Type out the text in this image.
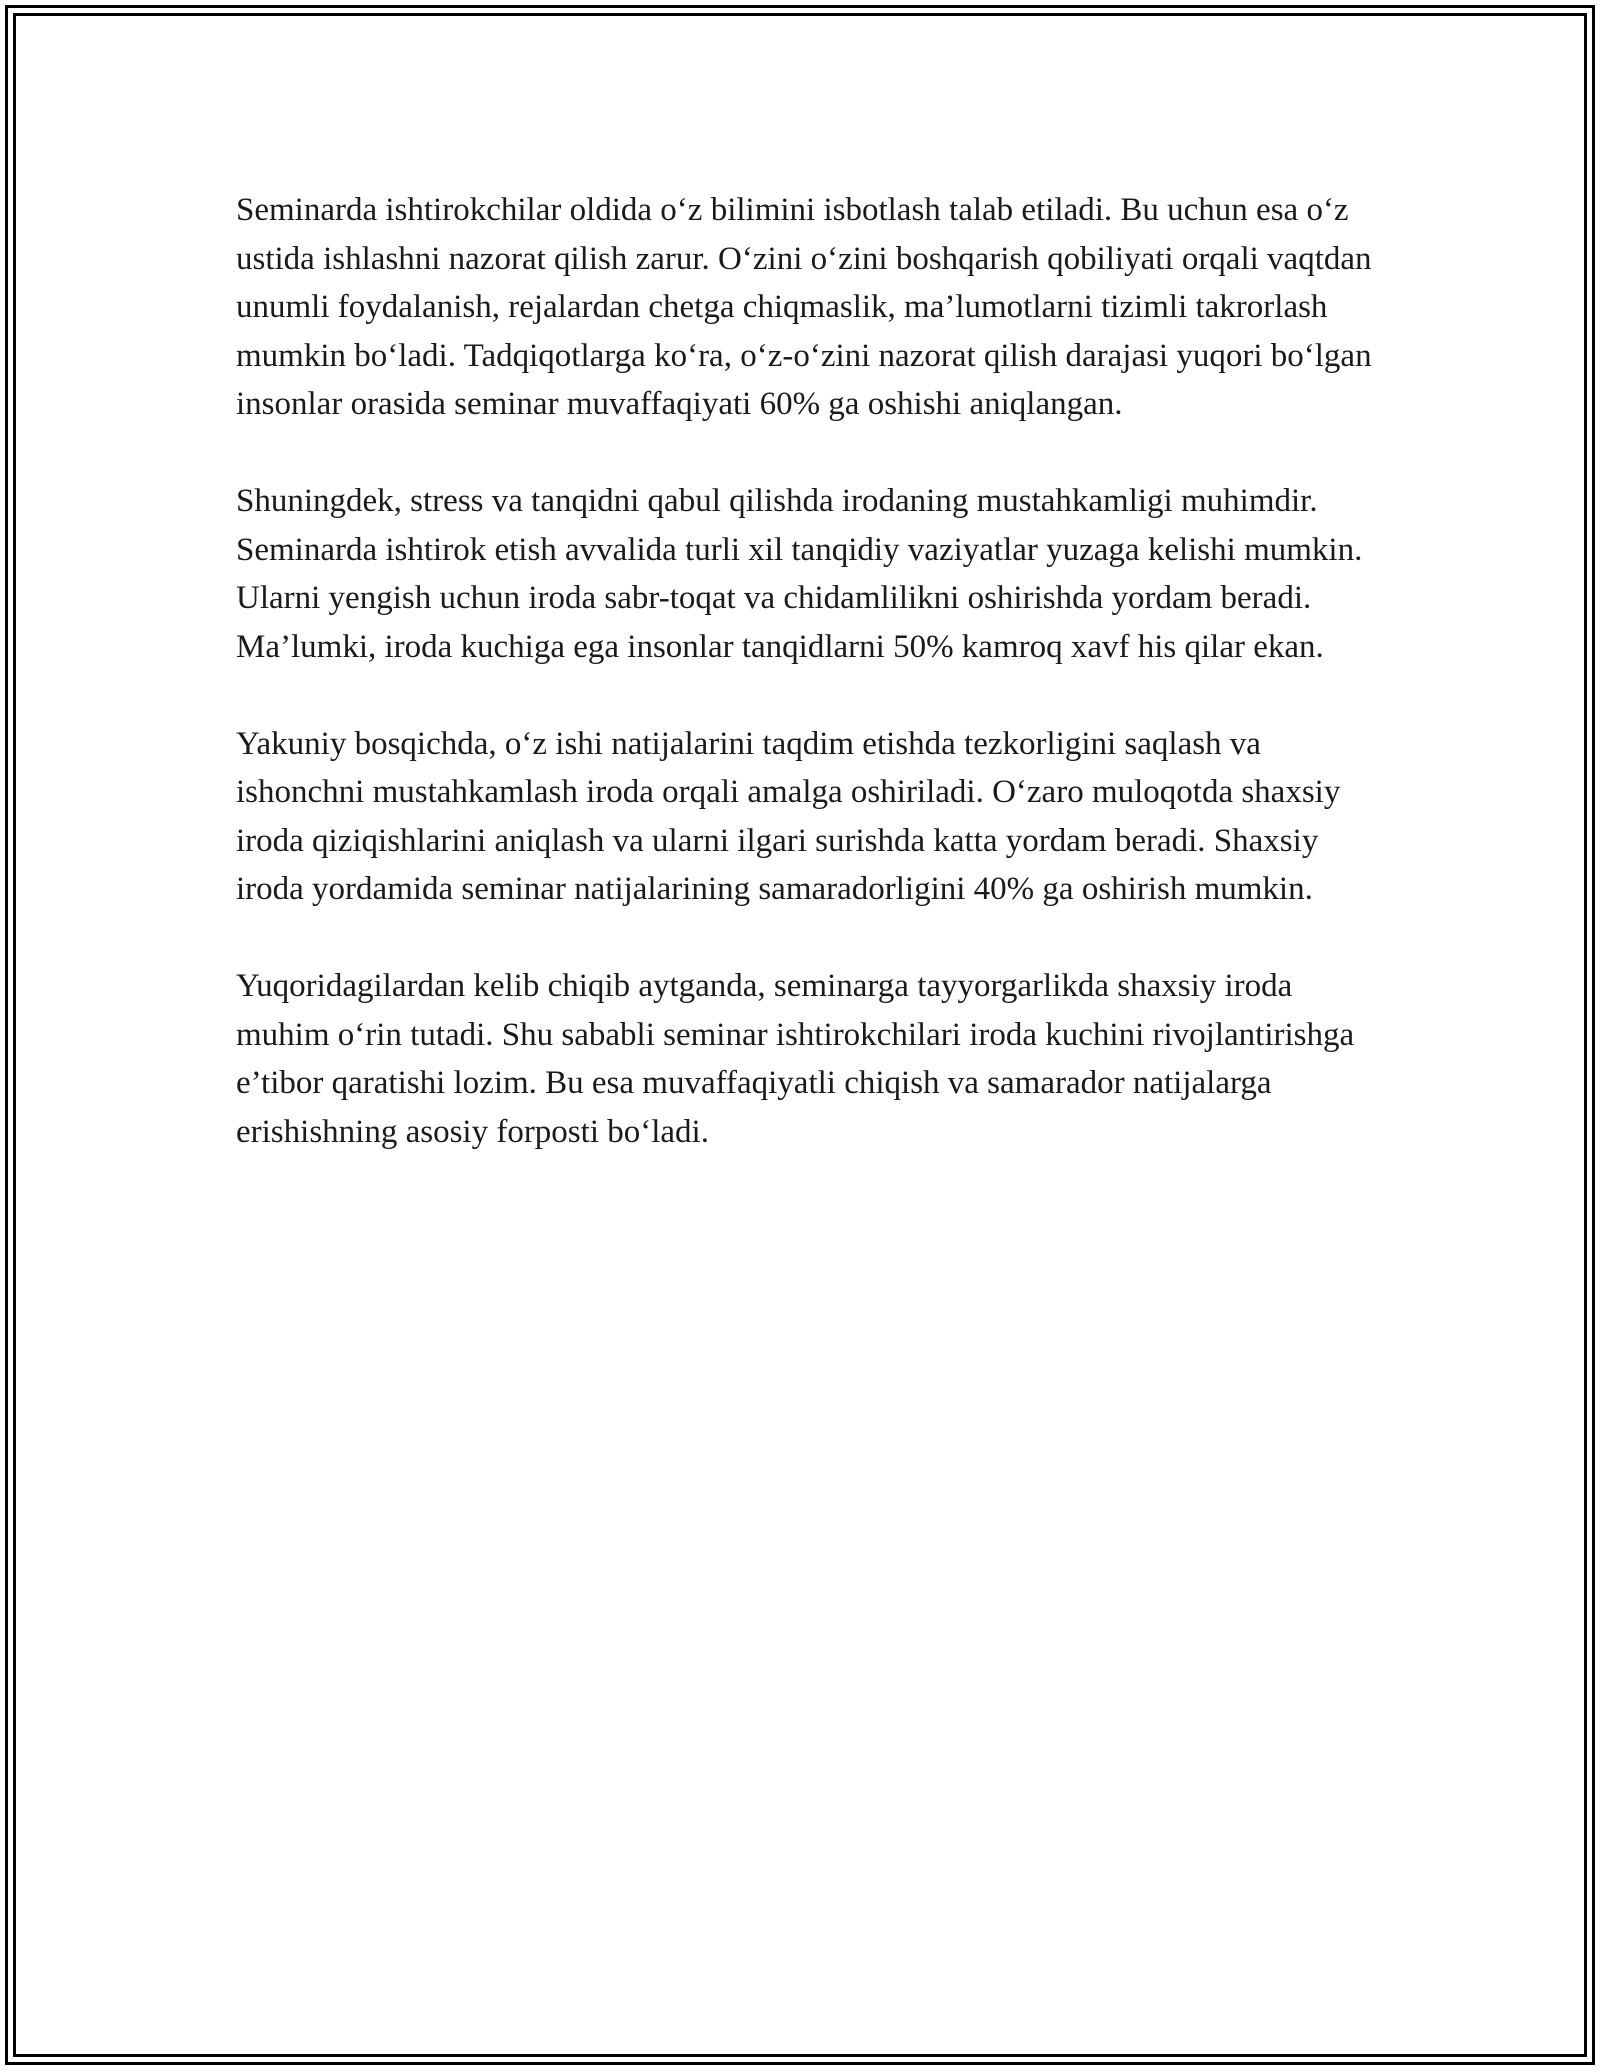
Seminarda ishtirokchilar oldida o‘z bilimini isbotlash talab etiladi. Bu uchun esa o‘z ustida ishlashni nazorat qilish zarur. O‘zini o‘zini boshqarish qobiliyati orqali vaqtdan unumli foydalanish, rejalardan chetga chiqmaslik, ma’lumotlarni tizimli takrorlash mumkin bo‘ladi. Tadqiqotlarga ko‘ra, o‘z-o‘zini nazorat qilish darajasi yuqori bo‘lgan insonlar orasida seminar muvaffaqiyati 60% ga oshishi aniqlangan.

Shuningdek, stress va tanqidni qabul qilishda irodaning mustahkamligi muhimdir. Seminarda ishtirok etish avvalida turli xil tanqidiy vaziyatlar yuzaga kelishi mumkin. Ularni yengish uchun iroda sabr-toqat va chidamlilikni oshirishda yordam beradi. Ma’lumki, iroda kuchiga ega insonlar tanqidlarni 50% kamroq xavf his qilar ekan.

Yakuniy bosqichda, o‘z ishi natijalarini taqdim etishda tezkorligini saqlash va ishonchni mustahkamlash iroda orqali amalga oshiriladi. O‘zaro muloqotda shaxsiy iroda qiziqishlarini aniqlash va ularni ilgari surishda katta yordam beradi. Shaxsiy iroda yordamida seminar natijalarining samaradorligini 40% ga oshirish mumkin.

Yuqoridagilardan kelib chiqib aytganda, seminarga tayyorgarlikda shaxsiy iroda muhim o‘rin tutadi. Shu sababli seminar ishtirokchilari iroda kuchini rivojlantirishga e’tibor qaratishi lozim. Bu esa muvaffaqiyatli chiqish va samarador natijalarga erishishning asosiy forposti bo‘ladi.
